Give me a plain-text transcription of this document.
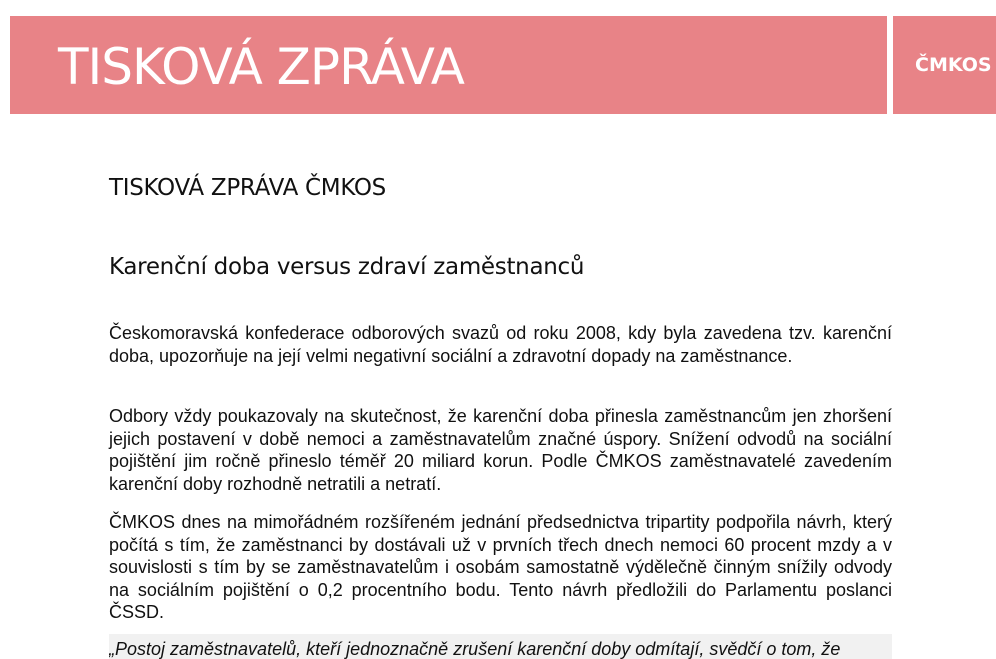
TISKOVÁ ZPRÁVA	ČMKOS
TISKOVÁ ZPRÁVA ČMKOS
Karenční doba versus zdraví zaměstnanců

Českomoravská konfederace odborových svazů od roku 2008, kdy byla zavedena tzv. karenční doba, upozorňuje na její velmi negativní sociální a zdravotní dopady na zaměstnance.

Odbory vždy poukazovaly na skutečnost, že karenční doba přinesla zaměstnancům jen zhoršení jejich postavení v době nemoci a zaměstnavatelům značné úspory. Snížení odvodů na sociální pojištění jim ročně přineslo téměř 20 miliard korun. Podle ČMKOS zaměstnavatelé zavedením karenční doby rozhodně netratili a netratí.

ČMKOS dnes na mimořádném rozšířeném jednání předsednictva tripartity podpořila návrh, který počítá s tím, že zaměstnanci by dostávali už v prvních třech dnech nemoci 60 procent mzdy a v souvislosti s tím by se zaměstnavatelům i osobám samostatně výdělečně činným snížily odvody na sociálním pojištění o 0,2 procentního bodu. Tento návrh předložili do Parlamentu poslanci ČSSD.

„Postoj zaměstnavatelů, kteří jednoznačně zrušení karenční doby odmítají, svědčí o tom, že
